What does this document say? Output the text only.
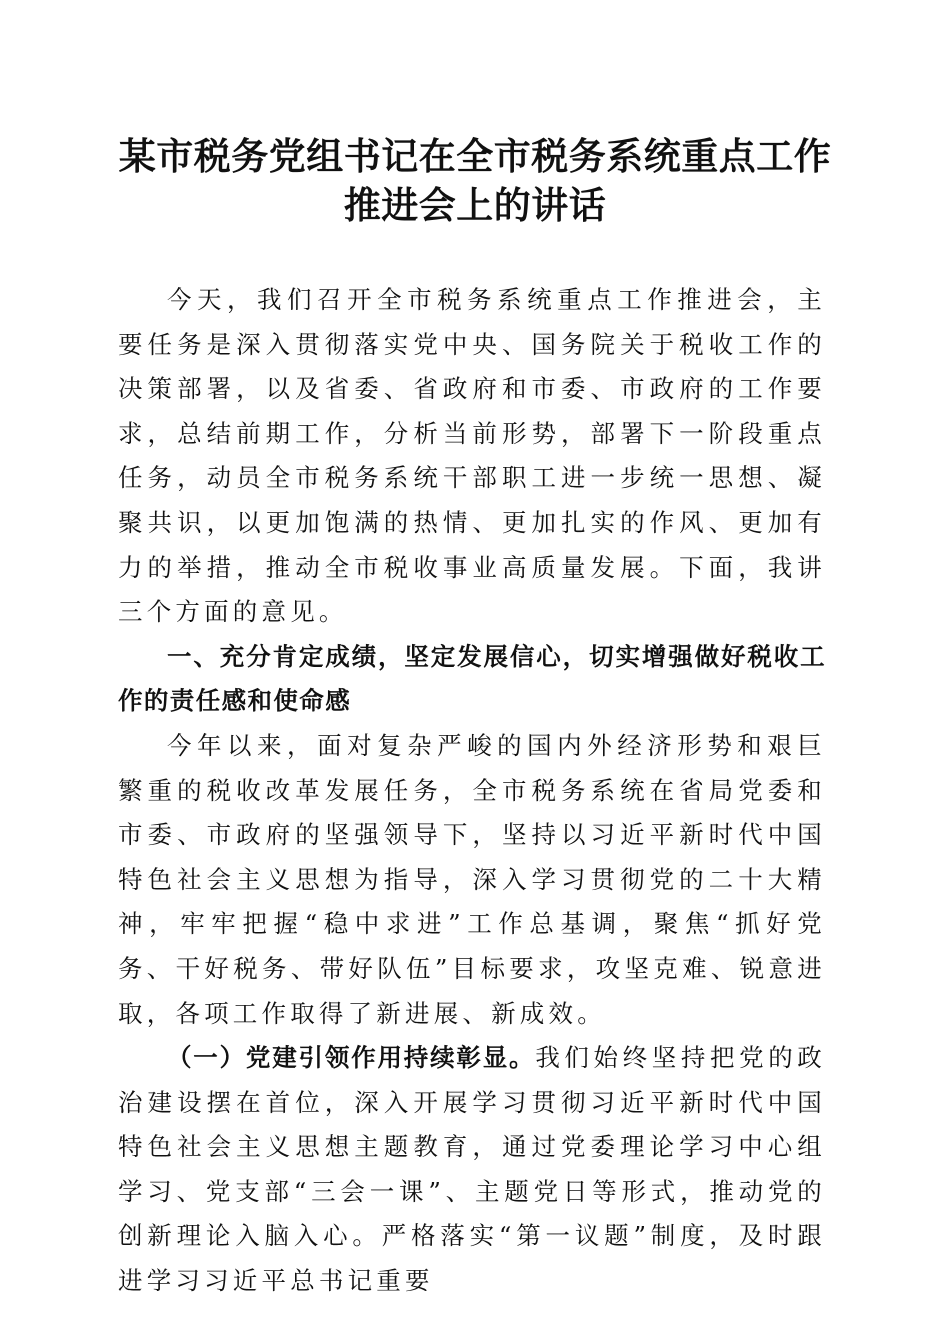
某市税务党组书记在全市税务系统重点工作推进会上的讲话

今天，我们召开全市税务系统重点工作推进会，主要任务是深入贯彻落实党中央、国务院关于税收工作的决策部署，以及省委、省政府和市委、市政府的工作要求，总结前期工作，分析当前形势，部署下一阶段重点任务，动员全市税务系统干部职工进一步统一思想、凝聚共识，以更加饱满的热情、更加扎实的作风、更加有力的举措，推动全市税收事业高质量发展。下面，我讲三个方面的意见。

一、充分肯定成绩，坚定发展信心，切实增强做好税收工作的责任感和使命感

今年以来，面对复杂严峻的国内外经济形势和艰巨繁重的税收改革发展任务，全市税务系统在省局党委和市委、市政府的坚强领导下，坚持以习近平新时代中国特色社会主义思想为指导，深入学习贯彻党的二十大精神，牢牢把握“稳中求进”工作总基调，聚焦“抓好党务、干好税务、带好队伍”目标要求，攻坚克难、锐意进取，各项工作取得了新进展、新成效。

（一）党建引领作用持续彰显。我们始终坚持把党的政治建设摆在首位，深入开展学习贯彻习近平新时代中国特色社会主义思想主题教育，通过党委理论学习中心组学习、党支部“三会一课”、主题党日等形式，推动党的创新理论入脑入心。严格落实“第一议题”制度，及时跟进学习习近平总书记重要
